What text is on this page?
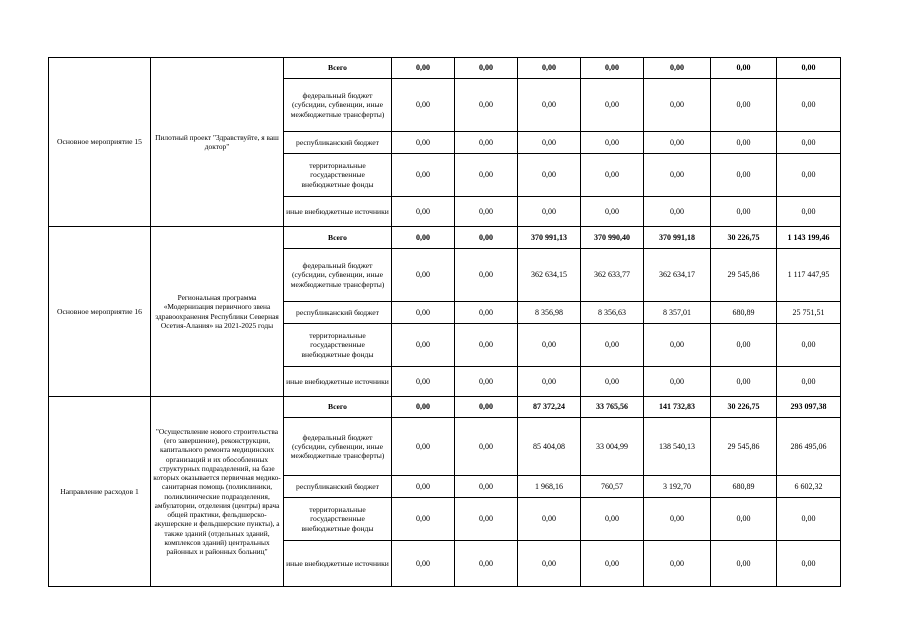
Основное мероприятие 15	Пилотный проект "Здравствуйте, я ваш доктор"	Всего	0,00	0,00	0,00	0,00	0,00	0,00	0,00
		федеральный бюджет (субсидии, субвенции, иные межбюджетные трансферты)	0,00	0,00	0,00	0,00	0,00	0,00	0,00
		республиканский бюджет	0,00	0,00	0,00	0,00	0,00	0,00	0,00
		территориальные государственные внебюджетные фонды	0,00	0,00	0,00	0,00	0,00	0,00	0,00
		иные внебюджетные источники	0,00	0,00	0,00	0,00	0,00	0,00	0,00
Основное мероприятие 16	Региональная программа «Модернизация первичного звена здравоохранения Республики Северная Осетия-Алания» на 2021-2025 годы	Всего	0,00	0,00	370 991,13	370 990,40	370 991,18	30 226,75	1 143 199,46
		федеральный бюджет (субсидии, субвенции, иные межбюджетные трансферты)	0,00	0,00	362 634,15	362 633,77	362 634,17	29 545,86	1 117 447,95
		республиканский бюджет	0,00	0,00	8 356,98	8 356,63	8 357,01	680,89	25 751,51
		территориальные государственные внебюджетные фонды	0,00	0,00	0,00	0,00	0,00	0,00	0,00
		иные внебюджетные источники	0,00	0,00	0,00	0,00	0,00	0,00	0,00
Направление расходов 1	"Осуществление нового строительства (его завершение), реконструкции, капитального ремонта медицинских организаций и их обособленных структурных подразделений, на базе которых оказывается первичная медико-санитарная помощь (поликлиники, поликлинические подразделения, амбулатории, отделения (центры) врача общей практики, фельдшерско-акушерские и фельдшерские пункты), а также зданий (отдельных зданий, комплексов зданий) центральных районных и районных больниц"	Всего	0,00	0,00	87 372,24	33 765,56	141 732,83	30 226,75	293 097,38
		федеральный бюджет (субсидии, субвенции, иные межбюджетные трансферты)	0,00	0,00	85 404,08	33 004,99	138 540,13	29 545,86	286 495,06
		республиканский бюджет	0,00	0,00	1 968,16	760,57	3 192,70	680,89	6 602,32
		территориальные государственные внебюджетные фонды	0,00	0,00	0,00	0,00	0,00	0,00	0,00
		иные внебюджетные источники	0,00	0,00	0,00	0,00	0,00	0,00	0,00
